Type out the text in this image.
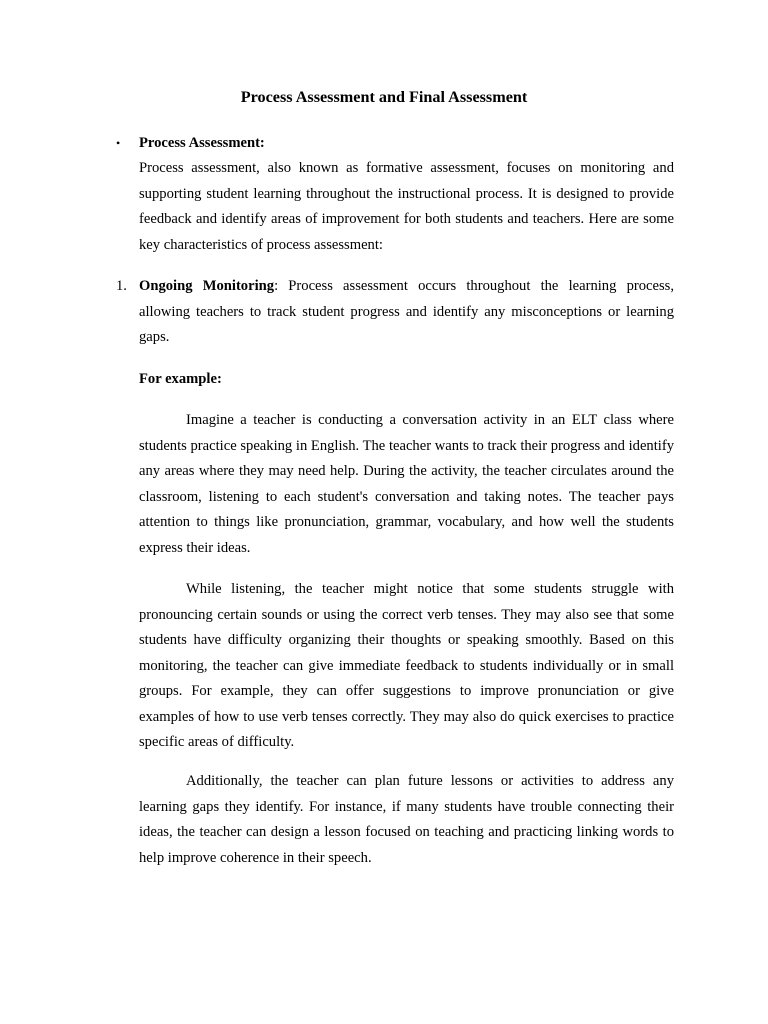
Process Assessment and Final Assessment
• Process Assessment:

Process assessment, also known as formative assessment, focuses on monitoring and supporting student learning throughout the instructional process. It is designed to provide feedback and identify areas of improvement for both students and teachers. Here are some key characteristics of process assessment:

1. Ongoing Monitoring: Process assessment occurs throughout the learning process, allowing teachers to track student progress and identify any misconceptions or learning gaps.

For example:

Imagine a teacher is conducting a conversation activity in an ELT class where students practice speaking in English. The teacher wants to track their progress and identify any areas where they may need help. During the activity, the teacher circulates around the classroom, listening to each student's conversation and taking notes. The teacher pays attention to things like pronunciation, grammar, vocabulary, and how well the students express their ideas.

While listening, the teacher might notice that some students struggle with pronouncing certain sounds or using the correct verb tenses. They may also see that some students have difficulty organizing their thoughts or speaking smoothly. Based on this monitoring, the teacher can give immediate feedback to students individually or in small groups. For example, they can offer suggestions to improve pronunciation or give examples of how to use verb tenses correctly. They may also do quick exercises to practice specific areas of difficulty.

Additionally, the teacher can plan future lessons or activities to address any learning gaps they identify. For instance, if many students have trouble connecting their ideas, the teacher can design a lesson focused on teaching and practicing linking words to help improve coherence in their speech.
